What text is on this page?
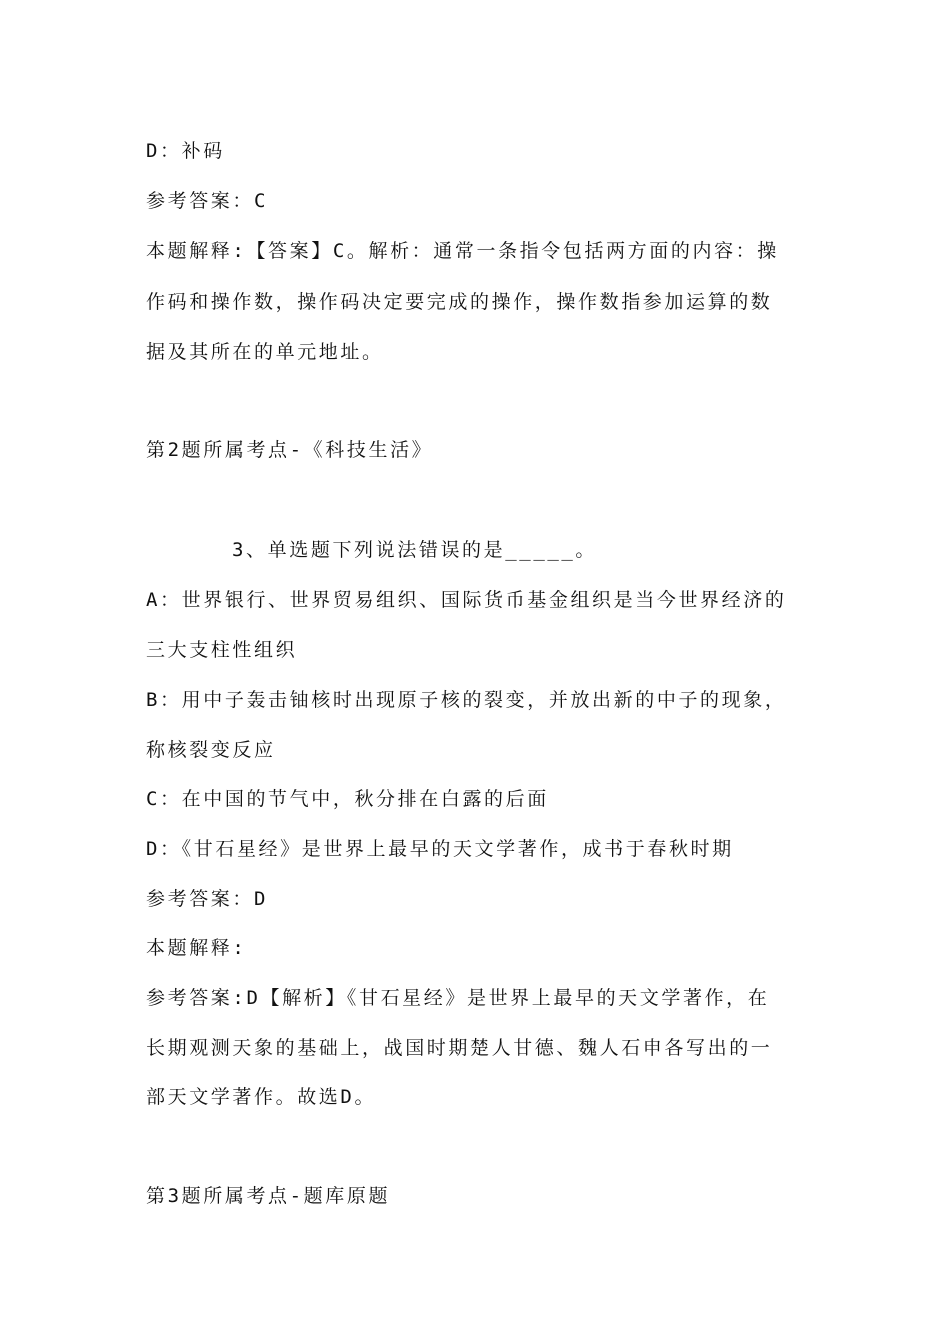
D：补码
参考答案：C
本题解释:【答案】C。解析：通常一条指令包括两方面的内容：操
作码和操作数，操作码决定要完成的操作，操作数指参加运算的数
据及其所在的单元地址。
第2题所属考点-《科技生活》
3、单选题下列说法错误的是_____。
A：世界银行、世界贸易组织、国际货币基金组织是当今世界经济的
三大支柱性组织
B：用中子轰击铀核时出现原子核的裂变，并放出新的中子的现象，
称核裂变反应
C：在中国的节气中，秋分排在白露的后面
D：《甘石星经》是世界上最早的天文学著作，成书于春秋时期
参考答案：D
本题解释:
参考答案:D【解析】《甘石星经》是世界上最早的天文学著作，在
长期观测天象的基础上，战国时期楚人甘德、魏人石申各写出的一
部天文学著作。故选D。
第3题所属考点-题库原题
